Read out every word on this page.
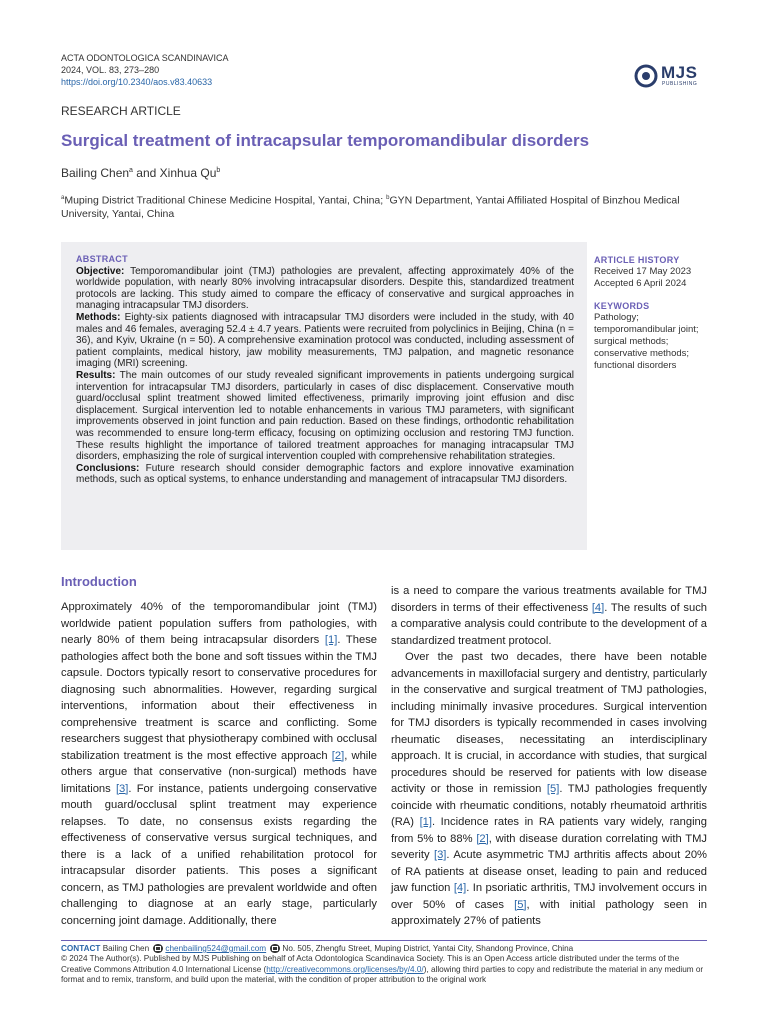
ACTA ODONTOLOGICA SCANDINAVICA
2024, VOL. 83, 273–280
https://doi.org/10.2340/aos.v83.40633	MJS
PUBLISHING
RESEARCH ARTICLE
Surgical treatment of intracapsular temporomandibular disorders
Bailing Chen$^a$ and Xinhua Qu$^b$
$^a$Muping District Traditional Chinese Medicine Hospital, Yantai, China; $^b$GYN Department, Yantai Affiliated Hospital of Binzhou Medical University, Yantai, China
ABSTRACT
Objective: Temporomandibular joint (TMJ) pathologies are prevalent, affecting approximately 40% of the worldwide population, with nearly 80% involving intracapsular disorders. Despite this, standardized treatment protocols are lacking. This study aimed to compare the efficacy of conservative and surgical approaches in managing intracapsular TMJ disorders.
Methods: Eighty-six patients diagnosed with intracapsular TMJ disorders were included in the study, with 40 males and 46 females, averaging 52.4 ± 4.7 years. Patients were recruited from polyclinics in Beijing, China (n = 36), and Kyiv, Ukraine (n = 50). A comprehensive examination protocol was conducted, including assessment of patient complaints, medical history, jaw mobility measurements, TMJ palpation, and magnetic resonance imaging (MRI) screening.
Results: The main outcomes of our study revealed significant improvements in patients undergoing surgical intervention for intracapsular TMJ disorders, particularly in cases of disc displacement. Conservative mouth guard/occlusal splint treatment showed limited effectiveness, primarily improving joint effusion and disc displacement. Surgical intervention led to notable enhancements in various TMJ parameters, with significant improvements observed in joint function and pain reduction. Based on these findings, orthodontic rehabilitation was recommended to ensure long-term efficacy, focusing on optimizing occlusion and restoring TMJ function. These results highlight the importance of tailored treatment approaches for managing intracapsular TMJ disorders, emphasizing the role of surgical intervention coupled with comprehensive rehabilitation strategies.
Conclusions: Future research should consider demographic factors and explore innovative examination methods, such as optical systems, to enhance understanding and management of intracapsular TMJ disorders.
ARTICLE HISTORY
Received 17 May 2023
Accepted 6 April 2024
KEYWORDS
Pathology; temporomandibular joint; surgical methods; conservative methods; functional disorders
Introduction

Approximately 40% of the temporomandibular joint (TMJ) worldwide patient population suffers from pathologies, with nearly 80% of them being intracapsular disorders [1]. These pathologies affect both the bone and soft tissues within the TMJ capsule. Doctors typically resort to conservative procedures for diagnosing such abnormalities. However, regarding surgical interventions, information about their effectiveness in comprehensive treatment is scarce and conflicting. Some researchers suggest that physiotherapy combined with occlusal stabilization treatment is the most effective approach [2], while others argue that conservative (non-surgical) methods have limitations [3]. For instance, patients undergoing conservative mouth guard/occlusal splint treatment may experience relapses. To date, no consensus exists regarding the effectiveness of conservative versus surgical techniques, and there is a lack of a unified rehabilitation protocol for intracapsular disorder patients. This poses a significant concern, as TMJ pathologies are prevalent worldwide and often challenging to diagnose at an early stage, particularly concerning joint damage. Additionally, there

is a need to compare the various treatments available for TMJ disorders in terms of their effectiveness [4]. The results of such a comparative analysis could contribute to the development of a standardized treatment protocol.

Over the past two decades, there have been notable advancements in maxillofacial surgery and dentistry, particularly in the conservative and surgical treatment of TMJ pathologies, including minimally invasive procedures. Surgical intervention for TMJ disorders is typically recommended in cases involving rheumatic diseases, necessitating an interdisciplinary approach. It is crucial, in accordance with studies, that surgical procedures should be reserved for patients with low disease activity or those in remission [5]. TMJ pathologies frequently coincide with rheumatic conditions, notably rheumatoid arthritis (RA) [1]. Incidence rates in RA patients vary widely, ranging from 5% to 88% [2], with disease duration correlating with TMJ severity [3]. Acute asymmetric TMJ arthritis affects about 20% of RA patients at disease onset, leading to pain and reduced jaw function [4]. In psoriatic arthritis, TMJ involvement occurs in over 50% of cases [5], with initial pathology seen in approximately 27% of patients

CONTACT Bailing Chen chenbailing524@gmail.com No. 505, Zhengfu Street, Muping District, Yantai City, Shandong Province, China
© 2024 The Author(s). Published by MJS Publishing on behalf of Acta Odontologica Scandinavica Society. This is an Open Access article distributed under the terms of the Creative Commons Attribution 4.0 International License (http://creativecommons.org/licenses/by/4.0/), allowing third parties to copy and redistribute the material in any medium or format and to remix, transform, and build upon the material, with the condition of proper attribution to the original work
